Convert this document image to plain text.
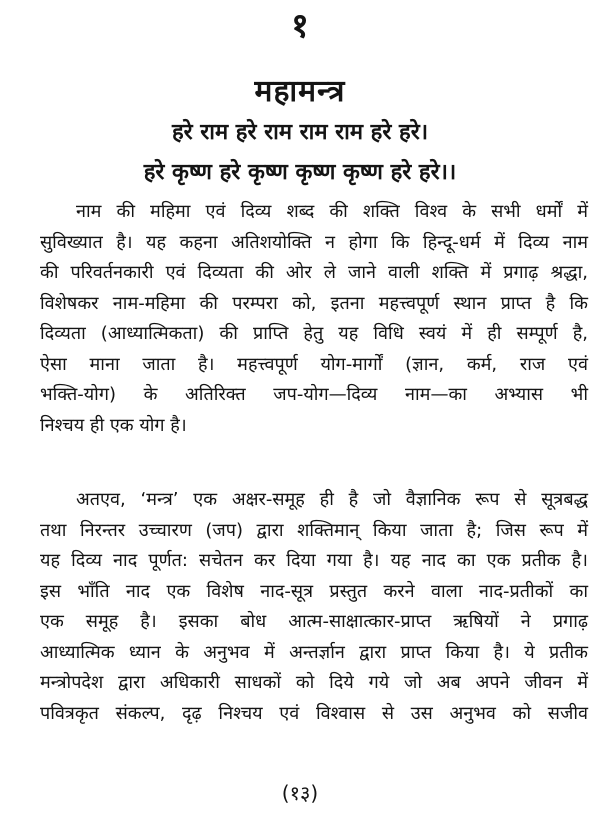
१
महामन्त्र
हरे राम हरे राम राम राम हरे हरे।
हरे कृष्ण हरे कृष्ण कृष्ण कृष्ण हरे हरे।।
नाम की महिमा एवं दिव्य शब्द की शक्ति विश्व के सभी धर्मों में
सुविख्यात है। यह कहना अतिशयोक्ति न होगा कि हिन्दू-धर्म में दिव्य नाम
की परिवर्तनकारी एवं दिव्यता की ओर ले जाने वाली शक्ति में प्रगाढ़ श्रद्धा,
विशेषकर नाम-महिमा की परम्परा को, इतना महत्त्वपूर्ण स्थान प्राप्त है कि
दिव्यता (आध्यात्मिकता) की प्राप्ति हेतु यह विधि स्वयं में ही सम्पूर्ण है,
ऐसा माना जाता है। महत्त्वपूर्ण योग-मार्गों (ज्ञान, कर्म, राज एवं
भक्ति-योग) के अतिरिक्त जप-योग—दिव्य नाम—का अभ्यास भी
निश्चय ही एक योग है।
अतएव, ‘मन्त्र’ एक अक्षर-समूह ही है जो वैज्ञानिक रूप से सूत्रबद्ध
तथा निरन्तर उच्चारण (जप) द्वारा शक्तिमान् किया जाता है; जिस रूप में
यह दिव्य नाद पूर्णत: सचेतन कर दिया गया है। यह नाद का एक प्रतीक है।
इस भाँति नाद एक विशेष नाद-सूत्र प्रस्तुत करने वाला नाद-प्रतीकों का
एक समूह है। इसका बोध आत्म-साक्षात्कार-प्राप्त ऋषियों ने प्रगाढ़
आध्यात्मिक ध्यान के अनुभव में अन्तर्ज्ञान द्वारा प्राप्त किया है। ये प्रतीक
मन्त्रोपदेश द्वारा अधिकारी साधकों को दिये गये जो अब अपने जीवन में
पवित्रकृत संकल्प, दृढ़ निश्चय एवं विश्वास से उस अनुभव को सजीव
(१३)
